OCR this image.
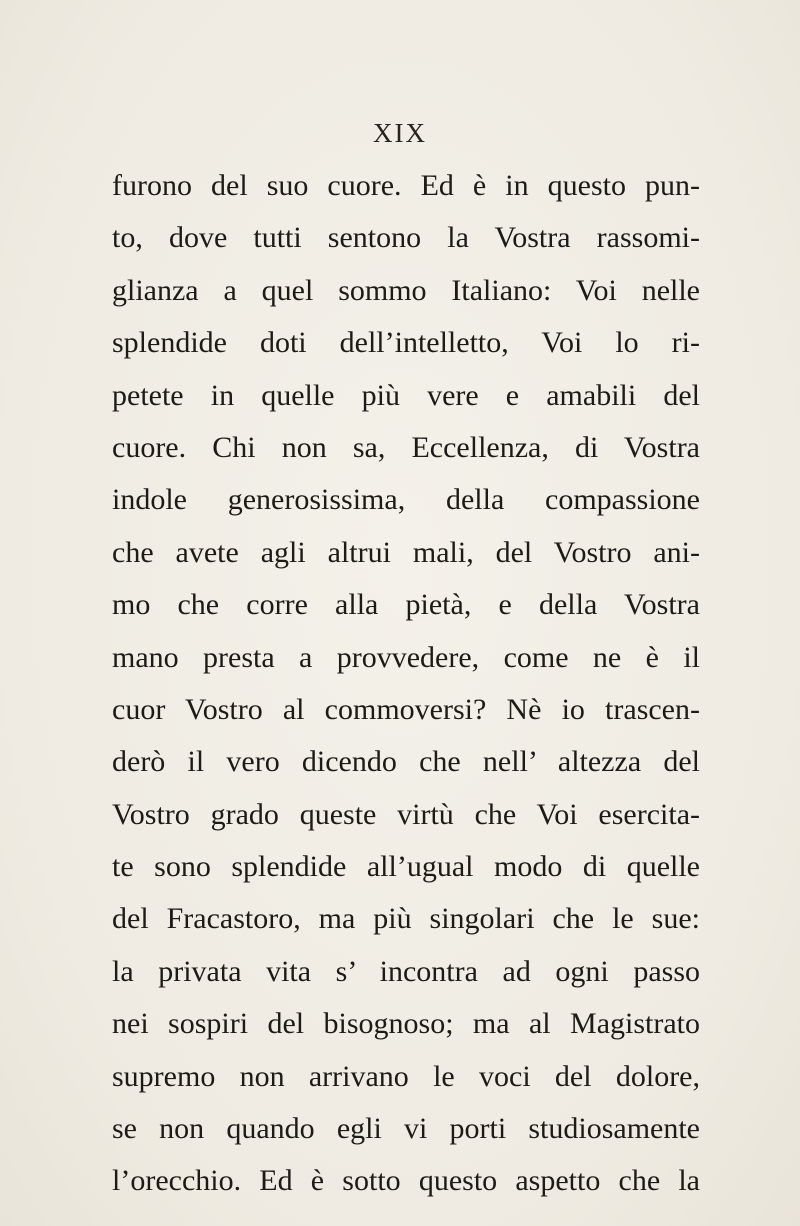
XIX
furono del suo cuore. Ed è in questo pun-
to, dove tutti sentono la Vostra rassomi-
glianza a quel sommo Italiano: Voi nelle
splendide doti dell’intelletto, Voi lo ri-
petete in quelle più vere e amabili del
cuore. Chi non sa, Eccellenza, di Vostra
indole generosissima, della compassione
che avete agli altrui mali, del Vostro ani-
mo che corre alla pietà, e della Vostra
mano presta a provvedere, come ne è il
cuor Vostro al commoversi? Nè io trascen-
derò il vero dicendo che nell’ altezza del
Vostro grado queste virtù che Voi esercita-
te sono splendide all’ugual modo di quelle
del Fracastoro, ma più singolari che le sue:
la privata vita s’ incontra ad ogni passo
nei sospiri del bisognoso; ma al Magistrato
supremo non arrivano le voci del dolore,
se non quando egli vi porti studiosamente
l’orecchio. Ed è sotto questo aspetto che la
